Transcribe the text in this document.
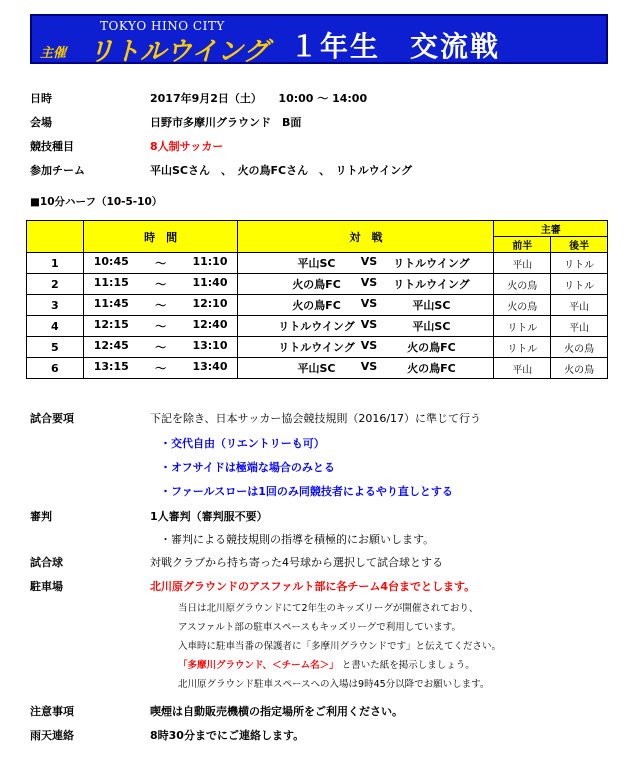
TOKYO HINO CITY
主催 リトルウイング １年生　交流戦
日時	2017年9月2日（土）　　10:00 ～ 14:00
会場	日野市多摩川グラウンド　B面
競技種目	8人制サッカー
参加チーム	平山SCさん　、　火の鳥FCさん　、　リトルウイング
■10分ハーフ（10-5-10）
	時　間	対　戦	主審	
			前半	後半
1	10:45 ～ 11:10	平山SC VS リトルウイング	平山	リトル
2	11:15 ～ 11:40	火の鳥FC VS リトルウイング	火の鳥	リトル
3	11:45 ～ 12:10	火の鳥FC VS 平山SC	火の鳥	平山
4	12:15 ～ 12:40	リトルウイング VS 平山SC	リトル	平山
5	12:45 ～ 13:10	リトルウイング VS 火の鳥FC	リトル	火の鳥
6	13:15 ～ 13:40	平山SC VS 火の鳥FC	平山	火の鳥
試合要項	下記を除き、日本サッカー協会競技規則（2016/17）に準じて行う
・交代自由（リエントリーも可）
・オフサイドは極端な場合のみとる
・ファールスローは1回のみ同競技者によるやり直しとする
審判	1人審判（審判服不要）
・審判による競技規則の指導を積極的にお願いします。
試合球	対戦クラブから持ち寄った4号球から選択して試合球とする
駐車場	北川原グラウンドのアスファルト部に各チーム4台までとします。
当日は北川原グラウンドにて2年生のキッズリーグが開催されており、
アスファルト部の駐車スペースもキッズリーグで利用しています。
入車時に駐車当番の保護者に「多摩川グラウンドです」と伝えてください。
「多摩川グラウンド、＜チーム名＞」 と書いた紙を掲示しましょう。
北川原グラウンド駐車スペースへの入場は9時45分以降でお願いします。
注意事項	喫煙は自動販売機横の指定場所をご利用ください。
雨天連絡	8時30分までにご連絡します。
